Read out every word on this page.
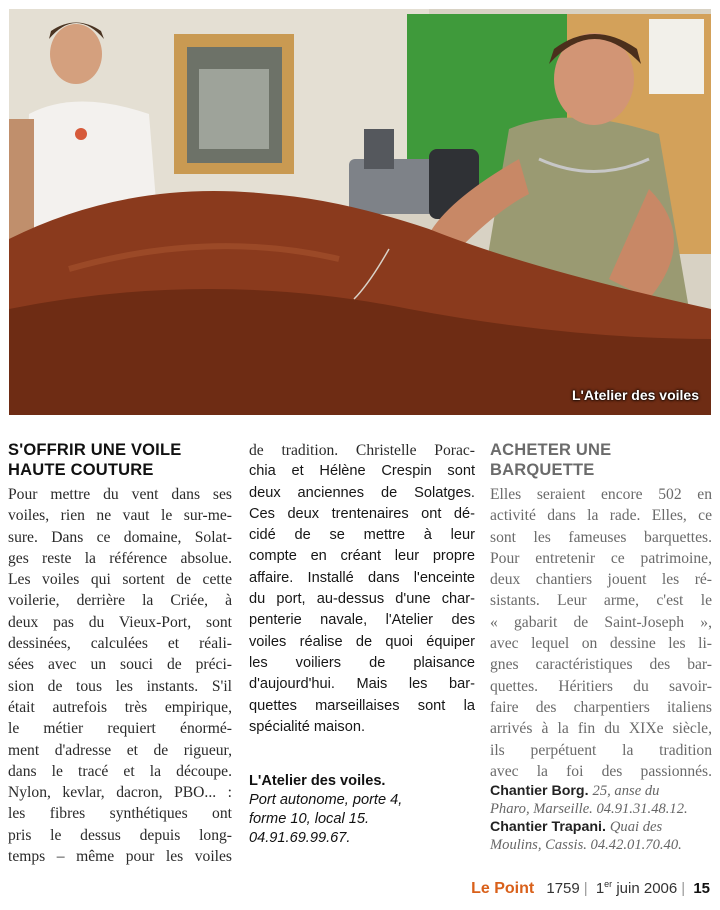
L'Atelier des voiles
S'OFFRIR UNE VOILE
HAUTE COUTURE
Pour mettre du vent dans ses
voiles, rien ne vaut le sur-me-
sure. Dans ce domaine, Solat-
ges reste la référence absolue.
Les voiles qui sortent de cette
voilerie, derrière la Criée, à
deux pas du Vieux-Port, sont
dessinées, calculées et réali-
sées avec un souci de préci-
sion de tous les instants. S'il
était autrefois très empirique,
le métier requiert énormé-
ment d'adresse et de rigueur,
dans le tracé et la découpe.
Nylon, kevlar, dacron, PBO... :
les fibres synthétiques ont
pris le dessus depuis long-
temps – même pour les voiles
de tradition. Christelle Porac-
chia et Hélène Crespin sont
deux anciennes de Solatges.
Ces deux trentenaires ont dé-
cidé de se mettre à leur
compte en créant leur propre
affaire. Installé dans l'enceinte
du port, au-dessus d'une char-
penterie navale, l'Atelier des
voiles réalise de quoi équiper
les voiliers de plaisance
d'aujourd'hui. Mais les bar-
quettes marseillaises sont la
spécialité maison.
L'Atelier des voiles.
Port autonome, porte 4,
forme 10, local 15.
04.91.69.99.67.
ACHETER UNE
BARQUETTE
Elles seraient encore 502 en
activité dans la rade. Elles, ce
sont les fameuses barquettes.
Pour entretenir ce patrimoine,
deux chantiers jouent les ré-
sistants. Leur arme, c'est le
« gabarit de Saint-Joseph »,
avec lequel on dessine les li-
gnes caractéristiques des bar-
quettes. Héritiers du savoir-
faire des charpentiers italiens
arrivés à la fin du XIXe siècle,
ils perpétuent la tradition
avec la foi des passionnés.
Chantier Borg. 25, anse du
Pharo, Marseille. 04.91.31.48.12.
Chantier Trapani. Quai des
Moulins, Cassis. 04.42.01.70.40.
Le Point 1759 | 1er juin 2006 | 15
